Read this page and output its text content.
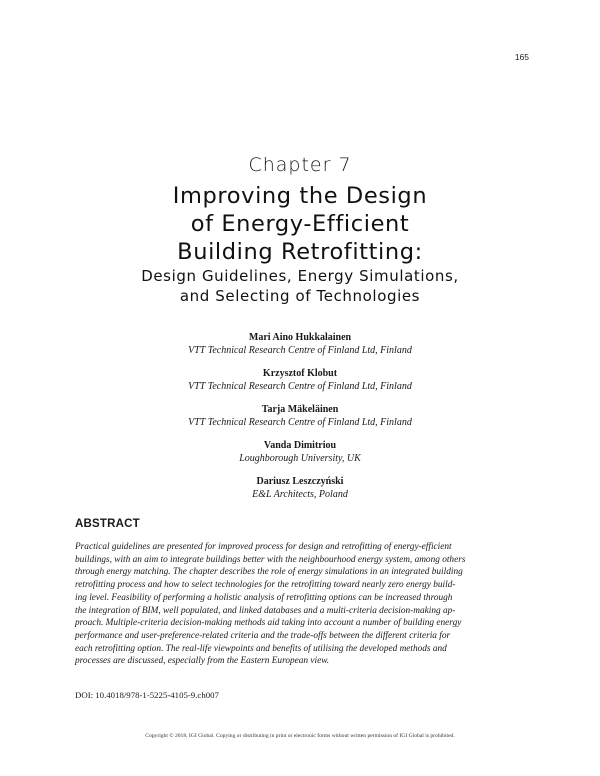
165
Chapter 7
Improving the Design
of Energy-Efficient
Building Retrofitting:
Design Guidelines, Energy Simulations,
and Selecting of Technologies
Mari Aino Hukkalainen
VTT Technical Research Centre of Finland Ltd, Finland
Krzysztof Klobut
VTT Technical Research Centre of Finland Ltd, Finland
Tarja Mäkeläinen
VTT Technical Research Centre of Finland Ltd, Finland
Vanda Dimitriou
Loughborough University, UK
Dariusz Leszczyński
E&L Architects, Poland
ABSTRACT
Practical guidelines are presented for improved process for design and retrofitting of energy-efficient
buildings, with an aim to integrate buildings better with the neighbourhood energy system, among others
through energy matching. The chapter describes the role of energy simulations in an integrated building
retrofitting process and how to select technologies for the retrofitting toward nearly zero energy build-
ing level. Feasibility of performing a holistic analysis of retrofitting options can be increased through
the integration of BIM, well populated, and linked databases and a multi-criteria decision-making ap-
proach. Multiple-criteria decision-making methods aid taking into account a number of building energy
performance and user-preference-related criteria and the trade-offs between the different criteria for
each retrofitting option. The real-life viewpoints and benefits of utilising the developed methods and
processes are discussed, especially from the Eastern European view.
DOI: 10.4018/978-1-5225-4105-9.ch007
Copyright © 2018, IGI Global. Copying or distributing in print or electronic forms without written permission of IGI Global is prohibited.
